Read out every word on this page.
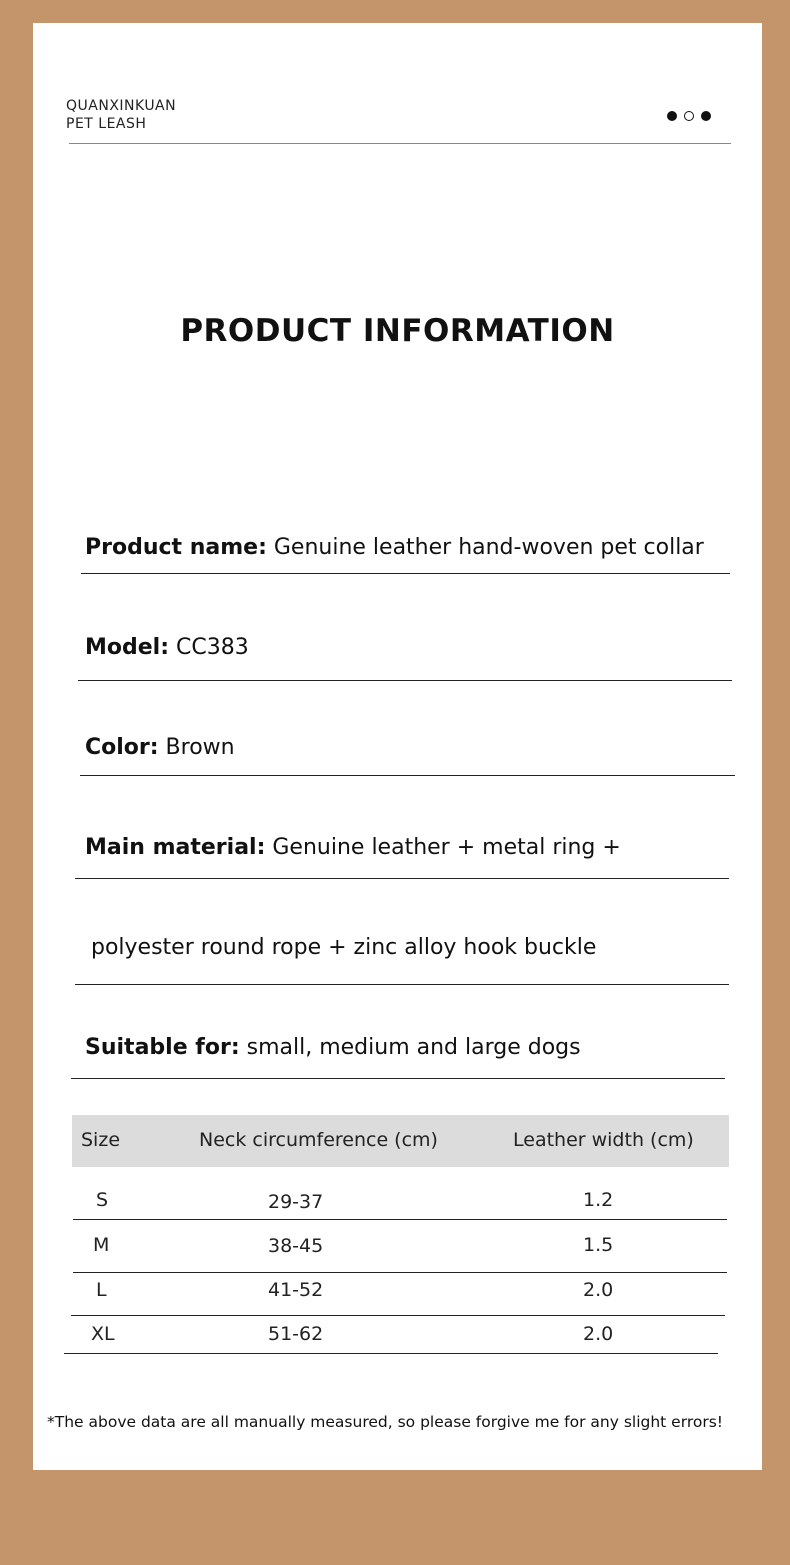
QUANXINKUAN
PET LEASH
PRODUCT INFORMATION
Product name: Genuine leather hand-woven pet collar
Model: CC383
Color: Brown
Main material: Genuine leather + metal ring +
polyester round rope + zinc alloy hook buckle
Suitable for: small, medium and large dogs
Size	Neck circumference (cm)	Leather width (cm)
S	29-37	1.2
M	38-45	1.5
L	41-52	2.0
XL	51-62	2.0
*The above data are all manually measured, so please forgive me for any slight errors!
